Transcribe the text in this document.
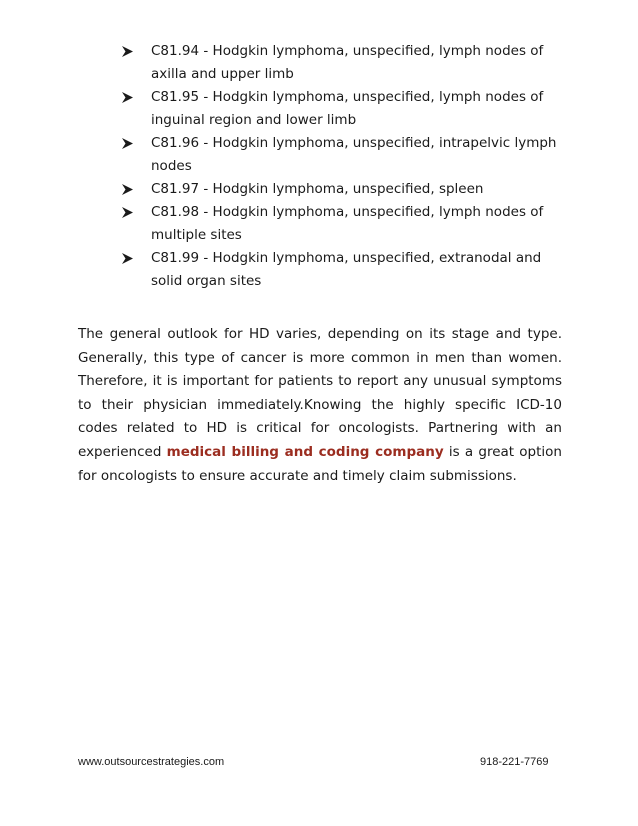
C81.94 - Hodgkin lymphoma, unspecified, lymph nodes of axilla and upper limb
C81.95 - Hodgkin lymphoma, unspecified, lymph nodes of inguinal region and lower limb
C81.96 - Hodgkin lymphoma, unspecified, intrapelvic lymph nodes
C81.97 - Hodgkin lymphoma, unspecified, spleen
C81.98 - Hodgkin lymphoma, unspecified, lymph nodes of multiple sites
C81.99 - Hodgkin lymphoma, unspecified, extranodal and solid organ sites

The general outlook for HD varies, depending on its stage and type. Generally, this type of cancer is more common in men than women. Therefore, it is important for patients to report any unusual symptoms to their physician immediately.Knowing the highly specific ICD-10 codes related to HD is critical for oncologists. Partnering with an experienced medical billing and coding company is a great option for oncologists to ensure accurate and timely claim submissions.

www.outsourcestrategies.com	918-221-7769
